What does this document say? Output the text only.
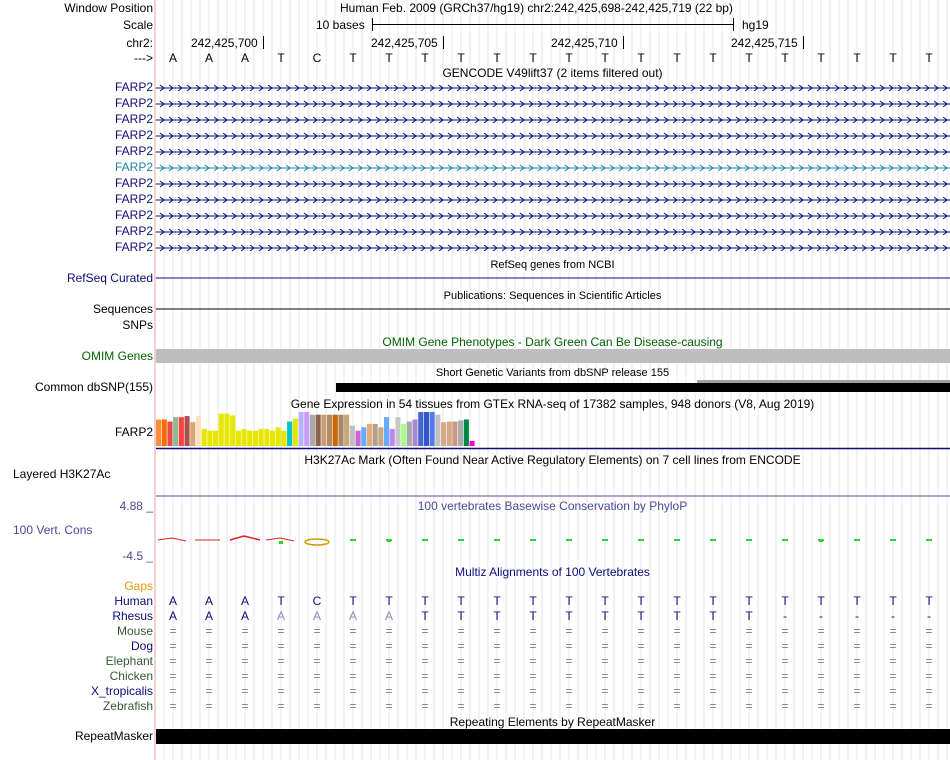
Window Position	Human Feb. 2009 (GRCh37/hg19) chr2:242,425,698-242,425,719 (22 bp)
Scale	10 bases	hg19
chr2:	242,425,700	242,425,705	242,425,710	242,425,715
--->	A	A	A	T	C	T	T	T	T	T	T	T	T	T	T	T	T	T	T	T	T	T
GENCODE V49lift37 (2 items filtered out)
FARP2
FARP2
FARP2
FARP2
FARP2
FARP2
FARP2
FARP2
FARP2
FARP2
FARP2
RefSeq genes from NCBI
RefSeq Curated
Publications: Sequences in Scientific Articles
Sequences
SNPs
OMIM Gene Phenotypes - Dark Green Can Be Disease-causing
OMIM Genes
Short Genetic Variants from dbSNP release 155
Common dbSNP(155)
Gene Expression in 54 tissues from GTEx RNA-seq of 17382 samples, 948 donors (V8, Aug 2019)
FARP2
H3K27Ac Mark (Often Found Near Active Regulatory Elements) on 7 cell lines from ENCODE
Layered H3K27Ac
100 vertebrates Basewise Conservation by PhyloP
4.88 _
100 Vert. Cons
-4.5 _
Multiz Alignments of 100 Vertebrates
Gaps
Human	A	A	A	T	C	T	T	T	T	T	T	T	T	T	T	T	T	T	T	T	T	T
Rhesus	A	A	A	A	A	A	A	T	T	T	T	T	T	T	T	T	T	-	-	-	-	-
Mouse	=	=	=	=	=	=	=	=	=	=	=	=	=	=	=	=	=	=	=	=	=	=
Dog	=	=	=	=	=	=	=	=	=	=	=	=	=	=	=	=	=	=	=	=	=	=
Elephant	=	=	=	=	=	=	=	=	=	=	=	=	=	=	=	=	=	=	=	=	=	=
Chicken	=	=	=	=	=	=	=	=	=	=	=	=	=	=	=	=	=	=	=	=	=	=
X_tropicalis	=	=	=	=	=	=	=	=	=	=	=	=	=	=	=	=	=	=	=	=	=	=
Zebrafish	=	=	=	=	=	=	=	=	=	=	=	=	=	=	=	=	=	=	=	=	=	=
Repeating Elements by RepeatMasker
RepeatMasker
